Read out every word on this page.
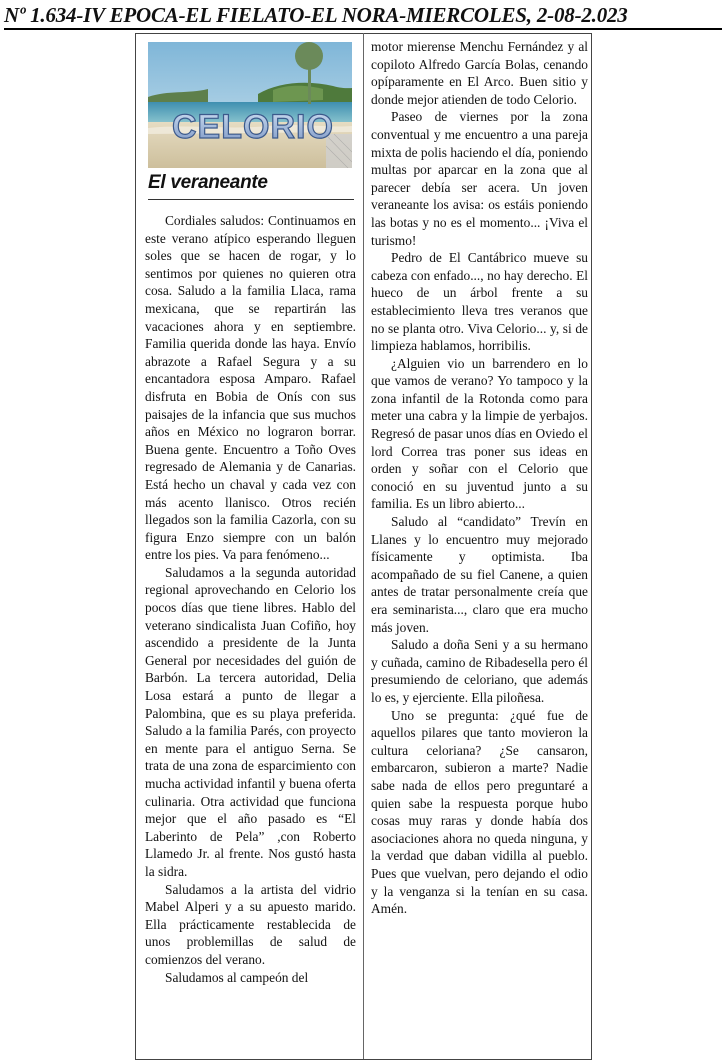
Nº 1.634-IV EPOCA-EL FIELATO-EL NORA-MIERCOLES, 2-08-2.023
CELORIO
El veraneante

Cordiales saludos: Continuamos en este verano atípico esperando lleguen soles que se hacen de rogar, y lo sentimos por quienes no quieren otra cosa. Saludo a la familia Llaca, rama mexicana, que se repartirán las vacaciones ahora y en septiembre. Familia querida donde las haya. Envío abrazote a Rafael Segura y a su encantadora esposa Amparo. Rafael disfruta en Bobia de Onís con sus paisajes de la infancia que sus muchos años en México no lograron borrar. Buena gente. Encuentro a Toño Oves regresado de Alemania y de Canarias. Está hecho un chaval y cada vez con más acento llanisco. Otros recién llegados son la familia Cazorla, con su figura Enzo siempre con un balón entre los pies. Va para fenómeno...

Saludamos a la segunda autoridad regional aprovechando en Celorio los pocos días que tiene libres. Hablo del veterano sindicalista Juan Cofiño, hoy ascendido a presidente de la Junta General por necesidades del guión de Barbón. La tercera autoridad, Delia Losa estará a punto de llegar a Palombina, que es su playa preferida. Saludo a la familia Parés, con proyecto en mente para el antiguo Serna. Se trata de una zona de esparcimiento con mucha actividad infantil y buena oferta culinaria. Otra actividad que funciona mejor que el año pasado es “El Laberinto de Pela” ,con Roberto Llamedo Jr. al frente. Nos gustó hasta la sidra.

Saludamos a la artista del vidrio Mabel Alperi y a su apuesto marido. Ella prácticamente restablecida de unos problemillas de salud de comienzos del verano.

Saludamos al campeón del

motor mierense Menchu Fernández y al copiloto Alfredo García Bolas, cenando opíparamente en El Arco. Buen sitio y donde mejor atienden de todo Celorio.

Paseo de viernes por la zona conventual y me encuentro a una pareja mixta de polis haciendo el día, poniendo multas por aparcar en la zona que al parecer debía ser acera. Un joven veraneante los avisa: os estáis poniendo las botas y no es el momento... ¡Viva el turismo!

Pedro de El Cantábrico mueve su cabeza con enfado..., no hay derecho. El hueco de un árbol frente a su establecimiento lleva tres veranos que no se planta otro. Viva Celorio... y, si de limpieza hablamos, horribilis.

¿Alguien vio un barrendero en lo que vamos de verano? Yo tampoco y la zona infantil de la Rotonda como para meter una cabra y la limpie de yerbajos. Regresó de pasar unos días en Oviedo el lord Correa tras poner sus ideas en orden y soñar con el Celorio que conoció en su juventud junto a su familia. Es un libro abierto...

Saludo al “candidato” Trevín en Llanes y lo encuentro muy mejorado físicamente y optimista. Iba acompañado de su fiel Canene, a quien antes de tratar personalmente creía que era seminarista..., claro que era mucho más joven.

Saludo a doña Seni y a su hermano y cuñada, camino de Ribadesella pero él presumiendo de celoriano, que además lo es, y ejerciente. Ella piloñesa.

Uno se pregunta: ¿qué fue de aquellos pilares que tanto movieron la cultura celoriana? ¿Se cansaron, embarcaron, subieron a marte? Nadie sabe nada de ellos pero preguntaré a quien sabe la respuesta porque hubo cosas muy raras y donde había dos asociaciones ahora no queda ninguna, y la verdad que daban vidilla al pueblo. Pues que vuelvan, pero dejando el odio y la venganza si la tenían en su casa. Amén.
